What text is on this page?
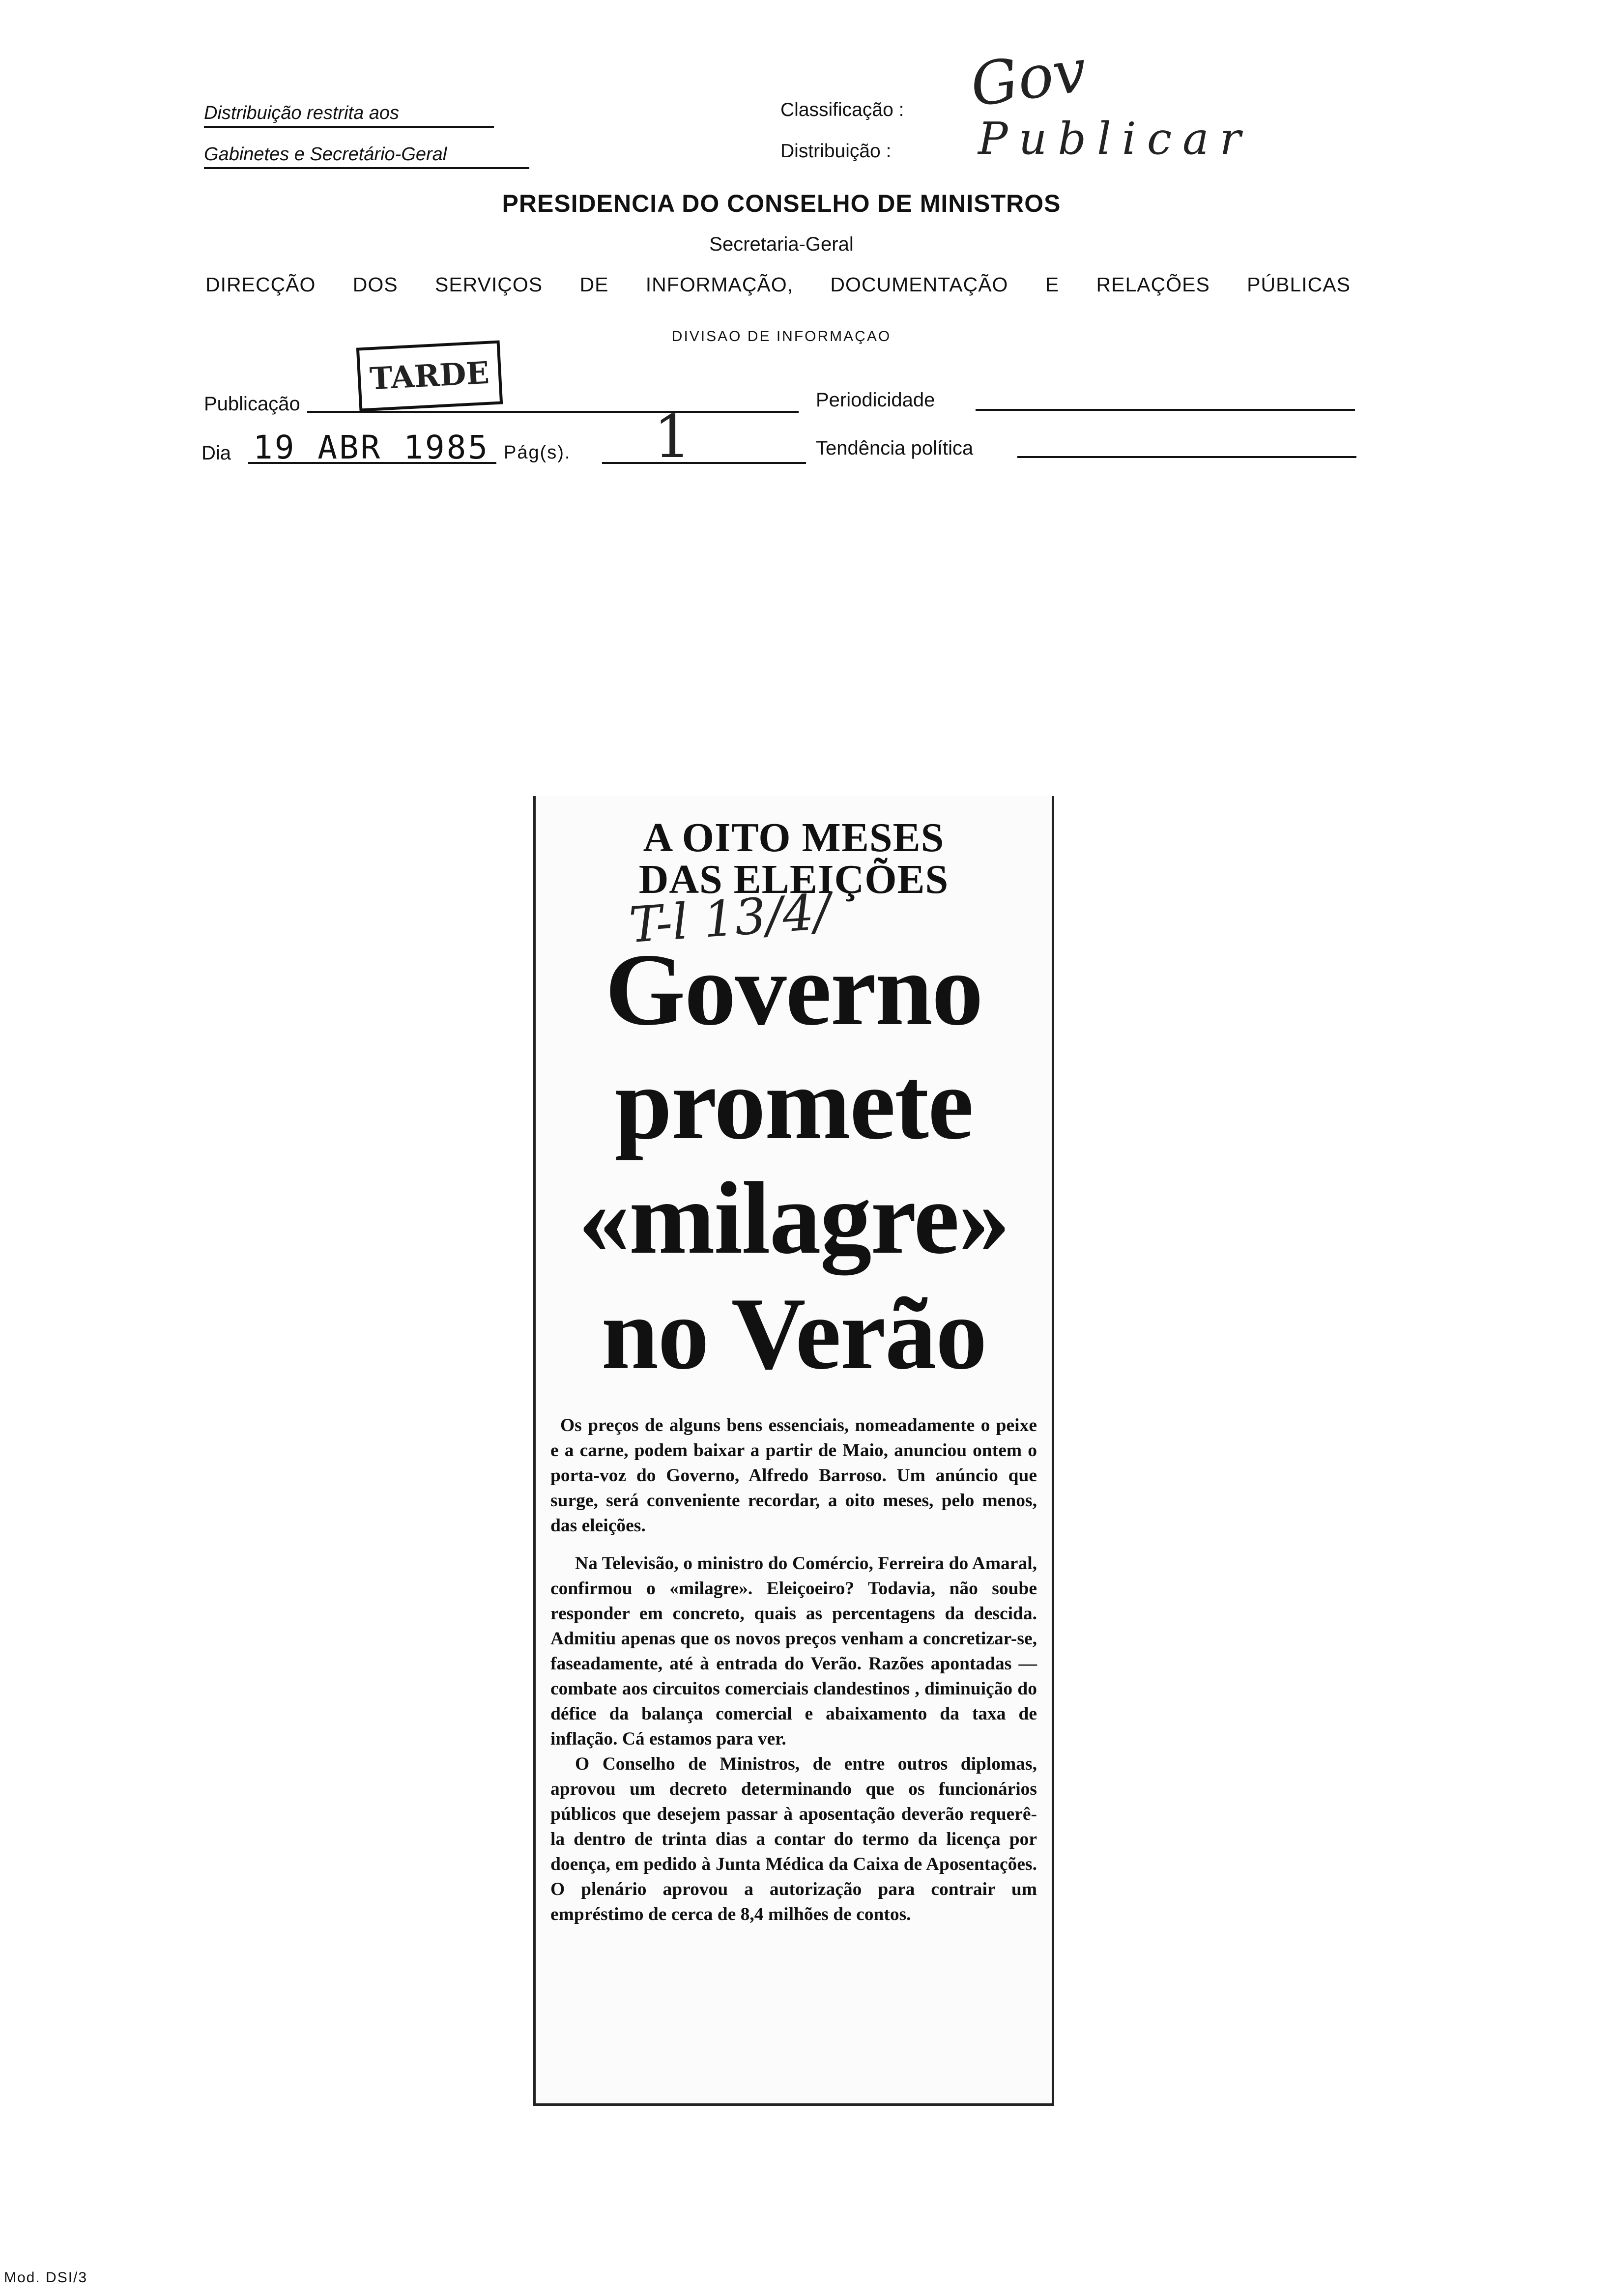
Distribuição restrita aos
Gabinetes e Secretário-Geral
Classificação :
Distribuição :
Gov
Publicar
PRESIDENCIA DO CONSELHO DE MINISTROS
Secretaria-Geral
DIRECÇÃO DOS SERVIÇOS DE INFORMAÇÃO, DOCUMENTAÇÃO E RELAÇÕES PÚBLICAS
DIVISAO DE INFORMAÇAO
Publicação
TARDE
Periodicidade
Dia 19 ABR 1985 Pág(s). 1	Tendência política
A OITO MESES
DAS ELEIÇÕES
T-l 13/4/
Governo
promete
«milagre»
no Verão

Os preços de alguns bens essenciais, nomeadamente o peixe e a carne, podem baixar a partir de Maio, anunciou ontem o porta-voz do Governo, Alfredo Barroso. Um anúncio que surge, será conveniente recordar, a oito meses, pelo menos, das eleições.

Na Televisão, o ministro do Comércio, Ferreira do Amaral, confirmou o «milagre». Eleiçoeiro? Todavia, não soube responder em concreto, quais as percentagens da descida. Admitiu apenas que os novos preços venham a concretizar-se, faseadamente, até à entrada do Verão. Razões apontadas — combate aos circuitos comerciais clandestinos , diminuição do défice da balança comercial e abaixamento da taxa de inflação. Cá estamos para ver.

O Conselho de Ministros, de entre outros diplomas, aprovou um decreto determinando que os funcionários públicos que desejem passar à aposentação deverão requerê-la dentro de trinta dias a contar do termo da licença por doença, em pedido à Junta Médica da Caixa de Aposentações. O plenário aprovou a autorização para contrair um empréstimo de cerca de 8,4 milhões de contos.

Mod. DSI/3
